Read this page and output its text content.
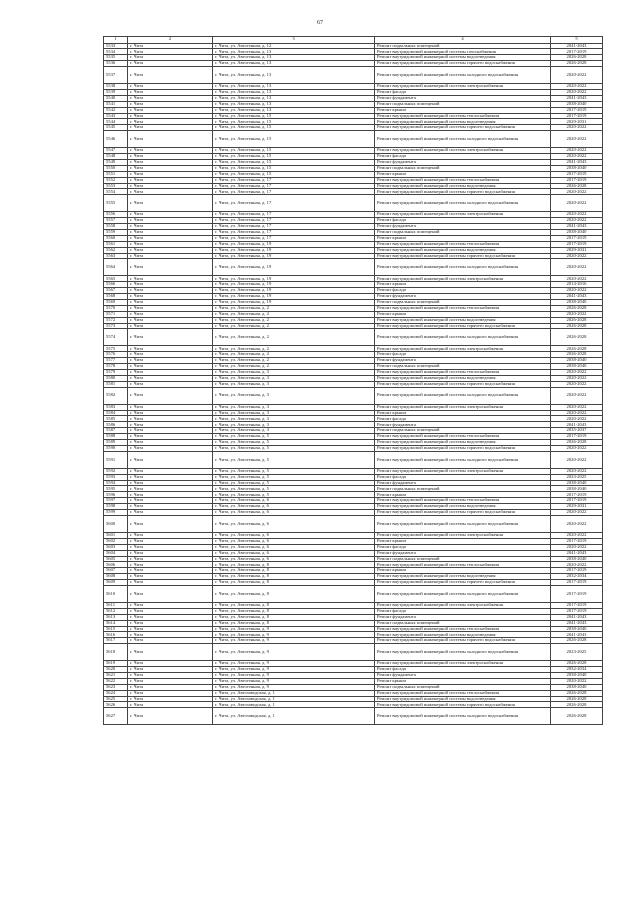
67
1	2	3	4	5
5533	г. Чита	г. Чита, ул. Автогенная, д. 12	Ремонт подвальных помещений	2041-2043
5534	г. Чита	г. Чита, ул. Автогенная, д. 13	Ремонт внутридомовой инженерной системы газоснабжения	2017-2019
5535	г. Чита	г. Чита, ул. Автогенная, д. 13	Ремонт внутридомовой инженерной системы водоотведения	2026-2028
5536	г. Чита	г. Чита, ул. Автогенная, д. 13	Ремонт внутридомовой инженерной системы горячего водоснабжения	2026-2028
5537	г. Чита	г. Чита, ул. Автогенная, д. 13	Ремонт внутридомовой инженерной системы холодного водоснабжения	2020-2022
5538	г. Чита	г. Чита, ул. Автогенная, д. 13	Ремонт внутридомовой инженерной системы электроснабжения	2020-2022
5539	г. Чита	г. Чита, ул. Автогенная, д. 13	Ремонт фасада	2020-2022
5540	г. Чита	г. Чита, ул. Автогенная, д. 13	Ремонт фундамента	2041-2043
5541	г. Чита	г. Чита, ул. Автогенная, д. 13	Ремонт подвальных помещений	2038-2040
5542	г. Чита	г. Чита, ул. Автогенная, д. 13	Ремонт крыши	2017-2019
5543	г. Чита	г. Чита, ул. Автогенная, д. 15	Ремонт внутридомовой инженерной системы теплоснабжения	2017-2019
5544	г. Чита	г. Чита, ул. Автогенная, д. 15	Ремонт внутридомовой инженерной системы водоотведения	2029-2031
5545	г. Чита	г. Чита, ул. Автогенная, д. 15	Ремонт внутридомовой инженерной системы горячего водоснабжения	2020-2022
5546	г. Чита	г. Чита, ул. Автогенная, д. 15	Ремонт внутридомовой инженерной системы холодного водоснабжения	2020-2022
5547	г. Чита	г. Чита, ул. Автогенная, д. 15	Ремонт внутридомовой инженерной системы электроснабжения	2020-2022
5548	г. Чита	г. Чита, ул. Автогенная, д. 15	Ремонт фасада	2020-2022
5549	г. Чита	г. Чита, ул. Автогенная, д. 15	Ремонт фундамента	2041-2043
5550	г. Чита	г. Чита, ул. Автогенная, д. 15	Ремонт подвальных помещений	2038-2040
5551	г. Чита	г. Чита, ул. Автогенная, д. 15	Ремонт крыши	2017-2019
5552	г. Чита	г. Чита, ул. Автогенная, д. 17	Ремонт внутридомовой инженерной системы теплоснабжения	2017-2019
5553	г. Чита	г. Чита, ул. Автогенная, д. 17	Ремонт внутридомовой инженерной системы водоотведения	2026-2028
5554	г. Чита	г. Чита, ул. Автогенная, д. 17	Ремонт внутридомовой инженерной системы горячего водоснабжения	2020-2022
5555	г. Чита	г. Чита, ул. Автогенная, д. 17	Ремонт внутридомовой инженерной системы холодного водоснабжения	2020-2022
5556	г. Чита	г. Чита, ул. Автогенная, д. 17	Ремонт внутридомовой инженерной системы электроснабжения	2020-2022
5557	г. Чита	г. Чита, ул. Автогенная, д. 17	Ремонт фасада	2020-2022
5558	г. Чита	г. Чита, ул. Автогенная, д. 17	Ремонт фундамента	2041-2043
5559	г. Чита	г. Чита, ул. Автогенная, д. 17	Ремонт подвальных помещений	2038-2040
5560	г. Чита	г. Чита, ул. Автогенная, д. 17	Ремонт крыши	2017-2019
5561	г. Чита	г. Чита, ул. Автогенная, д. 19	Ремонт внутридомовой инженерной системы теплоснабжения	2017-2019
5562	г. Чита	г. Чита, ул. Автогенная, д. 19	Ремонт внутридомовой инженерной системы водоотведения	2029-2031
5563	г. Чита	г. Чита, ул. Автогенная, д. 19	Ремонт внутридомовой инженерной системы горячего водоснабжения	2020-2022
5564	г. Чита	г. Чита, ул. Автогенная, д. 19	Ремонт внутридомовой инженерной системы холодного водоснабжения	2020-2022
5565	г. Чита	г. Чита, ул. Автогенная, д. 19	Ремонт внутридомовой инженерной системы электроснабжения	2020-2022
5566	г. Чита	г. Чита, ул. Автогенная, д. 19	Ремонт крыши	2014-2016
5567	г. Чита	г. Чита, ул. Автогенная, д. 19	Ремонт фасада	2020-2022
5568	г. Чита	г. Чита, ул. Автогенная, д. 19	Ремонт фундамента	2041-2043
5569	г. Чита	г. Чита, ул. Автогенная, д. 19	Ремонт подвальных помещений	2038-2040
5570	г. Чита	г. Чита, ул. Автогенная, д. 2	Ремонт внутридомовой инженерной системы теплоснабжения	2026-2028
5571	г. Чита	г. Чита, ул. Автогенная, д. 2	Ремонт крыши	2020-2022
5572	г. Чита	г. Чита, ул. Автогенная, д. 2	Ремонт внутридомовой инженерной системы водоотведения	2026-2028
5573	г. Чита	г. Чита, ул. Автогенная, д. 2	Ремонт внутридомовой инженерной системы горячего водоснабжения	2026-2028
5574	г. Чита	г. Чита, ул. Автогенная, д. 2	Ремонт внутридомовой инженерной системы холодного водоснабжения	2026-2028
5575	г. Чита	г. Чита, ул. Автогенная, д. 2	Ремонт внутридомовой инженерной системы электроснабжения	2026-2028
5576	г. Чита	г. Чита, ул. Автогенная, д. 2	Ремонт фасада	2026-2028
5577	г. Чита	г. Чита, ул. Автогенная, д. 2	Ремонт фундамента	2038-2040
5578	г. Чита	г. Чита, ул. Автогенная, д. 2	Ремонт подвальных помещений	2038-2040
5579	г. Чита	г. Чита, ул. Автогенная, д. 3	Ремонт внутридомовой инженерной системы теплоснабжения	2020-2022
5580	г. Чита	г. Чита, ул. Автогенная, д. 3	Ремонт внутридомовой инженерной системы водоотведения	2020-2022
5581	г. Чита	г. Чита, ул. Автогенная, д. 3	Ремонт внутридомовой инженерной системы горячего водоснабжения	2020-2022
5582	г. Чита	г. Чита, ул. Автогенная, д. 3	Ремонт внутридомовой инженерной системы холодного водоснабжения	2020-2022
5583	г. Чита	г. Чита, ул. Автогенная, д. 3	Ремонт внутридомовой инженерной системы электроснабжения	2020-2022
5584	г. Чита	г. Чита, ул. Автогенная, д. 3	Ремонт крыши	2020-2022
5585	г. Чита	г. Чита, ул. Автогенная, д. 3	Ремонт фасада	2020-2022
5586	г. Чита	г. Чита, ул. Автогенная, д. 3	Ремонт фундамента	2041-2043
5587	г. Чита	г. Чита, ул. Автогенная, д. 3	Ремонт подвальных помещений	2035-2037
5588	г. Чита	г. Чита, ул. Автогенная, д. 5	Ремонт внутридомовой инженерной системы теплоснабжения	2017-2019
5589	г. Чита	г. Чита, ул. Автогенная, д. 5	Ремонт внутридомовой инженерной системы водоотведения	2026-2028
5590	г. Чита	г. Чита, ул. Автогенная, д. 5	Ремонт внутридомовой инженерной системы горячего водоснабжения	2020-2022
5591	г. Чита	г. Чита, ул. Автогенная, д. 5	Ремонт внутридомовой инженерной системы холодного водоснабжения	2020-2022
5592	г. Чита	г. Чита, ул. Автогенная, д. 5	Ремонт внутридомовой инженерной системы электроснабжения	2020-2022
5593	г. Чита	г. Чита, ул. Автогенная, д. 5	Ремонт фасада	2023-2025
5594	г. Чита	г. Чита, ул. Автогенная, д. 5	Ремонт фундамента	2038-2040
5595	г. Чита	г. Чита, ул. Автогенная, д. 5	Ремонт подвальных помещений	2038-2040
5596	г. Чита	г. Чита, ул. Автогенная, д. 5	Ремонт крыши	2017-2019
5597	г. Чита	г. Чита, ул. Автогенная, д. 6	Ремонт внутридомовой инженерной системы теплоснабжения	2017-2019
5598	г. Чита	г. Чита, ул. Автогенная, д. 6	Ремонт внутридомовой инженерной системы водоотведения	2029-2031
5599	г. Чита	г. Чита, ул. Автогенная, д. 6	Ремонт внутридомовой инженерной системы горячего водоснабжения	2020-2022
5600	г. Чита	г. Чита, ул. Автогенная, д. 6	Ремонт внутридомовой инженерной системы холодного водоснабжения	2020-2022
5601	г. Чита	г. Чита, ул. Автогенная, д. 6	Ремонт внутридомовой инженерной системы электроснабжения	2020-2022
5602	г. Чита	г. Чита, ул. Автогенная, д. 6	Ремонт крыши	2017-2019
5603	г. Чита	г. Чита, ул. Автогенная, д. 6	Ремонт фасада	2020-2022
5604	г. Чита	г. Чита, ул. Автогенная, д. 6	Ремонт фундамента	2041-2043
5605	г. Чита	г. Чита, ул. Автогенная, д. 6	Ремонт подвальных помещений	2038-2040
5606	г. Чита	г. Чита, ул. Автогенная, д. 8	Ремонт внутридомовой инженерной системы теплоснабжения	2020-2022
5607	г. Чита	г. Чита, ул. Автогенная, д. 8	Ремонт крыши	2017-2019
5608	г. Чита	г. Чита, ул. Автогенная, д. 8	Ремонт внутридомовой инженерной системы водоотведения	2032-2034
5609	г. Чита	г. Чита, ул. Автогенная, д. 8	Ремонт внутридомовой инженерной системы горячего водоснабжения	2017-2019
5610	г. Чита	г. Чита, ул. Автогенная, д. 8	Ремонт внутридомовой инженерной системы холодного водоснабжения	2017-2019
5611	г. Чита	г. Чита, ул. Автогенная, д. 8	Ремонт внутридомовой инженерной системы электроснабжения	2017-2019
5612	г. Чита	г. Чита, ул. Автогенная, д. 8	Ремонт фасада	2017-2019
5613	г. Чита	г. Чита, ул. Автогенная, д. 8	Ремонт фундамента	2041-2043
5614	г. Чита	г. Чита, ул. Автогенная, д. 8	Ремонт подвальных помещений	2041-2043
5615	г. Чита	г. Чита, ул. Автогенная, д. 9	Ремонт внутридомовой инженерной системы теплоснабжения	2038-2040
5616	г. Чита	г. Чита, ул. Автогенная, д. 9	Ремонт внутридомовой инженерной системы водоотведения	2041-2043
5617	г. Чита	г. Чита, ул. Автогенная, д. 9	Ремонт внутридомовой инженерной системы горячего водоснабжения	2026-2028
5618	г. Чита	г. Чита, ул. Автогенная, д. 9	Ремонт внутридомовой инженерной системы холодного водоснабжения	2023-2025
5619	г. Чита	г. Чита, ул. Автогенная, д. 9	Ремонт внутридомовой инженерной системы электроснабжения	2026-2028
5620	г. Чита	г. Чита, ул. Автогенная, д. 9	Ремонт фасада	2032-2034
5621	г. Чита	г. Чита, ул. Автогенная, д. 9	Ремонт фундамента	2038-2040
5622	г. Чита	г. Чита, ул. Автогенная, д. 9	Ремонт крыши	2020-2022
5623	г. Чита	г. Чита, ул. Автогенная, д. 9	Ремонт подвальных помещений	2038-2040
5624	г. Чита	г. Чита, ул. Автозаводская, д. 1	Ремонт внутридомовой инженерной системы теплоснабжения	2026-2028
5625	г. Чита	г. Чита, ул. Автозаводская, д. 1	Ремонт внутридомовой инженерной системы водоотведения	2026-2028
5626	г. Чита	г. Чита, ул. Автозаводская, д. 1	Ремонт внутридомовой инженерной системы горячего водоснабжения	2026-2028
5627	г. Чита	г. Чита, ул. Автозаводская, д. 1	Ремонт внутридомовой инженерной системы холодного водоснабжения	2026-2028
